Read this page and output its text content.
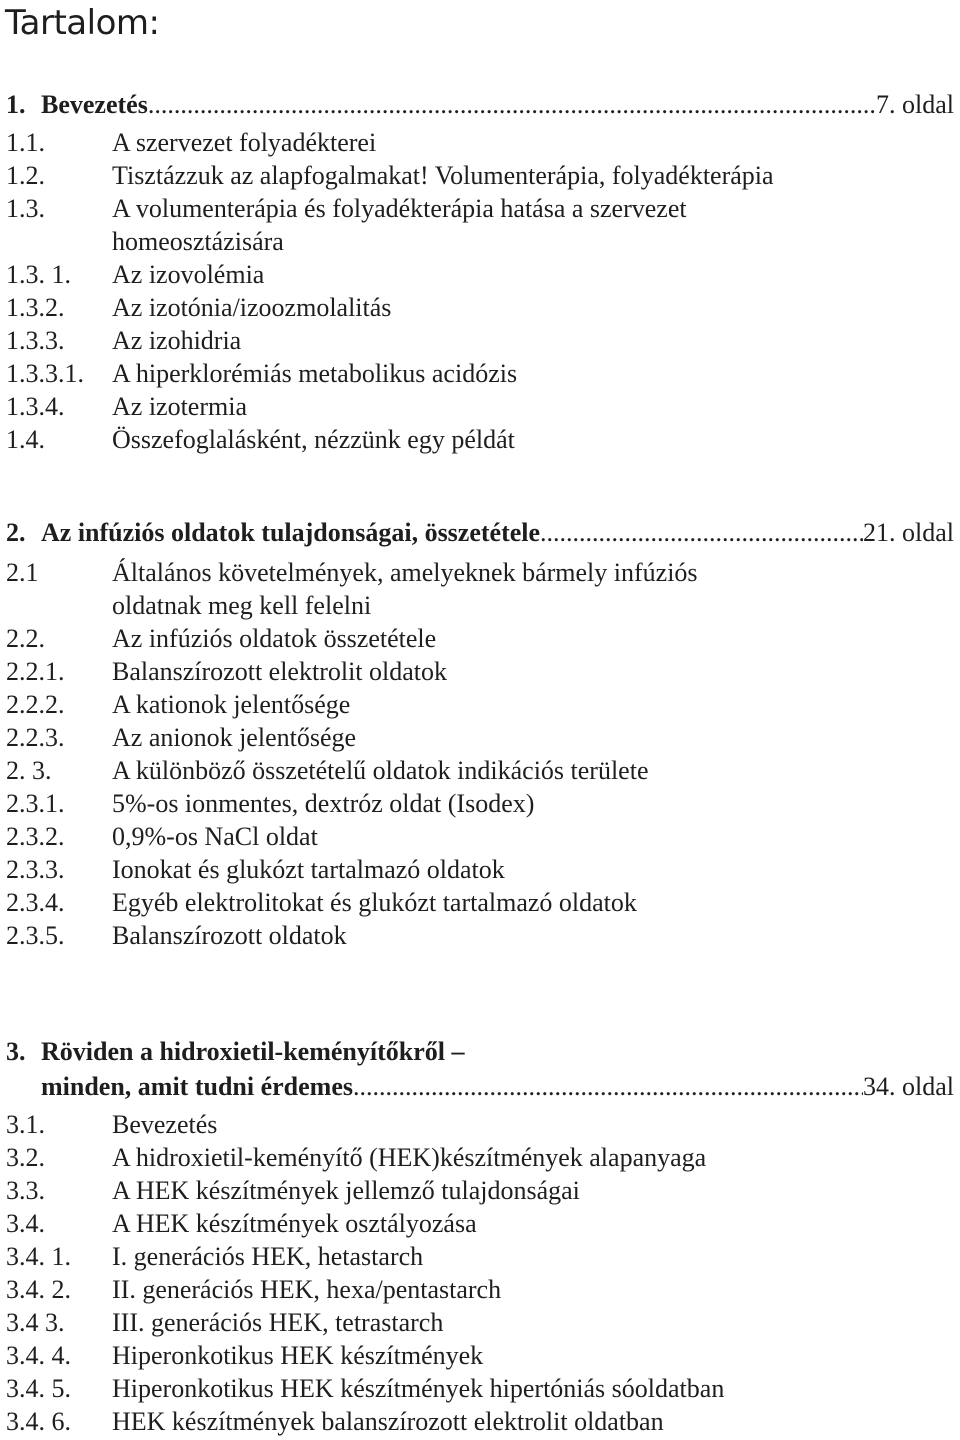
Tartalom:
1. Bevezetés .....	7. oldal
1.1.	A szervezet folyadékterei
1.2.	Tisztázzuk az alapfogalmakat! Volumenterápia, folyadékterápia
1.3.	A volumenterápia és folyadékterápia hatása a szervezet
homeosztázisára
1.3. 1. Az izovolémia
1.3.2. Az izotónia/izoozmolalitás
1.3.3. Az izohidria
1.3.3.1. A hiperklorémiás metabolikus acidózis
1.3.4. Az izotermia
1.4.	Összefoglalásként, nézzünk egy példát
2. Az infúziós oldatok tulajdonságai, összetétele .....	21. oldal
2.1	Általános követelmények, amelyeknek bármely infúziós
oldatnak meg kell felelni
2.2.	Az infúziós oldatok összetétele
2.2.1. Balanszírozott elektrolit oldatok
2.2.2. A kationok jelentősége
2.2.3. Az anionok jelentősége
2. 3. A különböző összetételű oldatok indikációs területe
2.3.1. 5%-os ionmentes, dextróz oldat (Isodex)
2.3.2. 0,9%-os NaCl oldat
2.3.3. Ionokat és glukózt tartalmazó oldatok
2.3.4. Egyéb elektrolitokat és glukózt tartalmazó oldatok
2.3.5. Balanszírozott oldatok
3. Röviden a hidroxietil-keményítőkről –
minden, amit tudni érdemes .....	34. oldal
3.1.	Bevezetés
3.2.	A hidroxietil-keményítő (HEK)készítmények alapanyaga
3.3.	A HEK készítmények jellemző tulajdonságai
3.4.	A HEK készítmények osztályozása
3.4. 1. I. generációs HEK, hetastarch
3.4. 2. II. generációs HEK, hexa/pentastarch
3.4 3. III. generációs HEK, tetrastarch
3.4. 4. Hiperonkotikus HEK készítmények
3.4. 5. Hiperonkotikus HEK készítmények hipertóniás sóoldatban
3.4. 6. HEK készítmények balanszírozott elektrolit oldatban
